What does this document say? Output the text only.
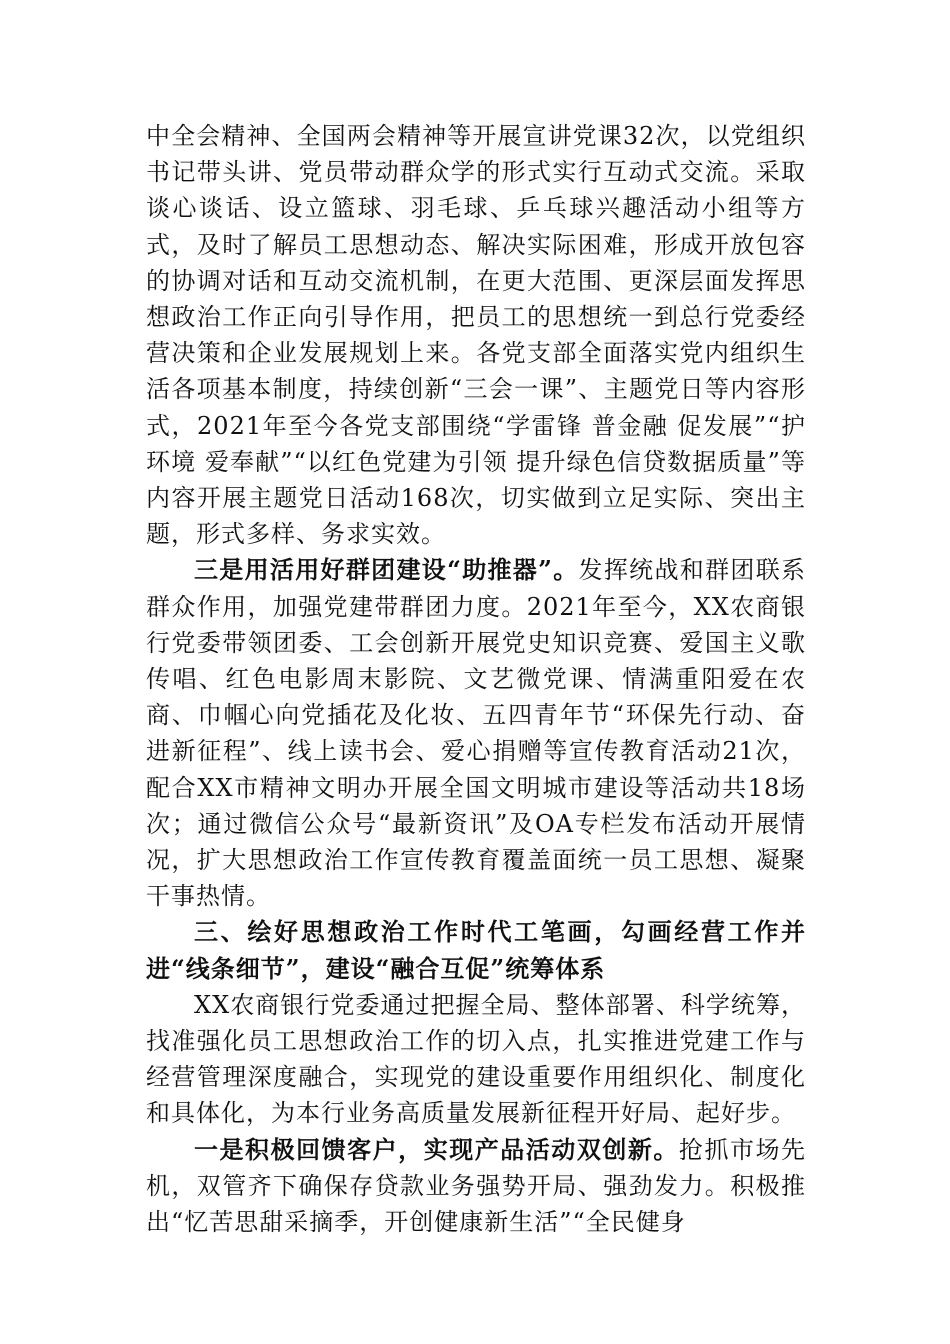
中全会精神、全国两会精神等开展宣讲党课32次，以党组织书记带头讲、党员带动群众学的形式实行互动式交流。采取谈心谈话、设立篮球、羽毛球、乒乓球兴趣活动小组等方式，及时了解员工思想动态、解决实际困难，形成开放包容的协调对话和互动交流机制，在更大范围、更深层面发挥思想政治工作正向引导作用，把员工的思想统一到总行党委经营决策和企业发展规划上来。各党支部全面落实党内组织生活各项基本制度，持续创新“三会一课”、主题党日等内容形式，2021年至今各党支部围绕“学雷锋 普金融 促发展”“护环境 爱奉献”“以红色党建为引领 提升绿色信贷数据质量”等内容开展主题党日活动168次，切实做到立足实际、突出主题，形式多样、务求实效。

三是用活用好群团建设“助推器”。发挥统战和群团联系群众作用，加强党建带群团力度。2021年至今，XX农商银行党委带领团委、工会创新开展党史知识竞赛、爱国主义歌传唱、红色电影周末影院、文艺微党课、情满重阳爱在农商、巾帼心向党插花及化妆、五四青年节“环保先行动、奋进新征程”、线上读书会、爱心捐赠等宣传教育活动21次，配合XX市精神文明办开展全国文明城市建设等活动共18场次；通过微信公众号“最新资讯”及OA专栏发布活动开展情况，扩大思想政治工作宣传教育覆盖面统一员工思想、凝聚干事热情。

三、绘好思想政治工作时代工笔画，勾画经营工作并进“线条细节”，建设“融合互促”统筹体系

XX农商银行党委通过把握全局、整体部署、科学统筹，找准强化员工思想政治工作的切入点，扎实推进党建工作与经营管理深度融合，实现党的建设重要作用组织化、制度化和具体化，为本行业务高质量发展新征程开好局、起好步。

一是积极回馈客户，实现产品活动双创新。抢抓市场先机，双管齐下确保存贷款业务强势开局、强劲发力。积极推出“忆苦思甜采摘季，开创健康新生活”“全民健身
